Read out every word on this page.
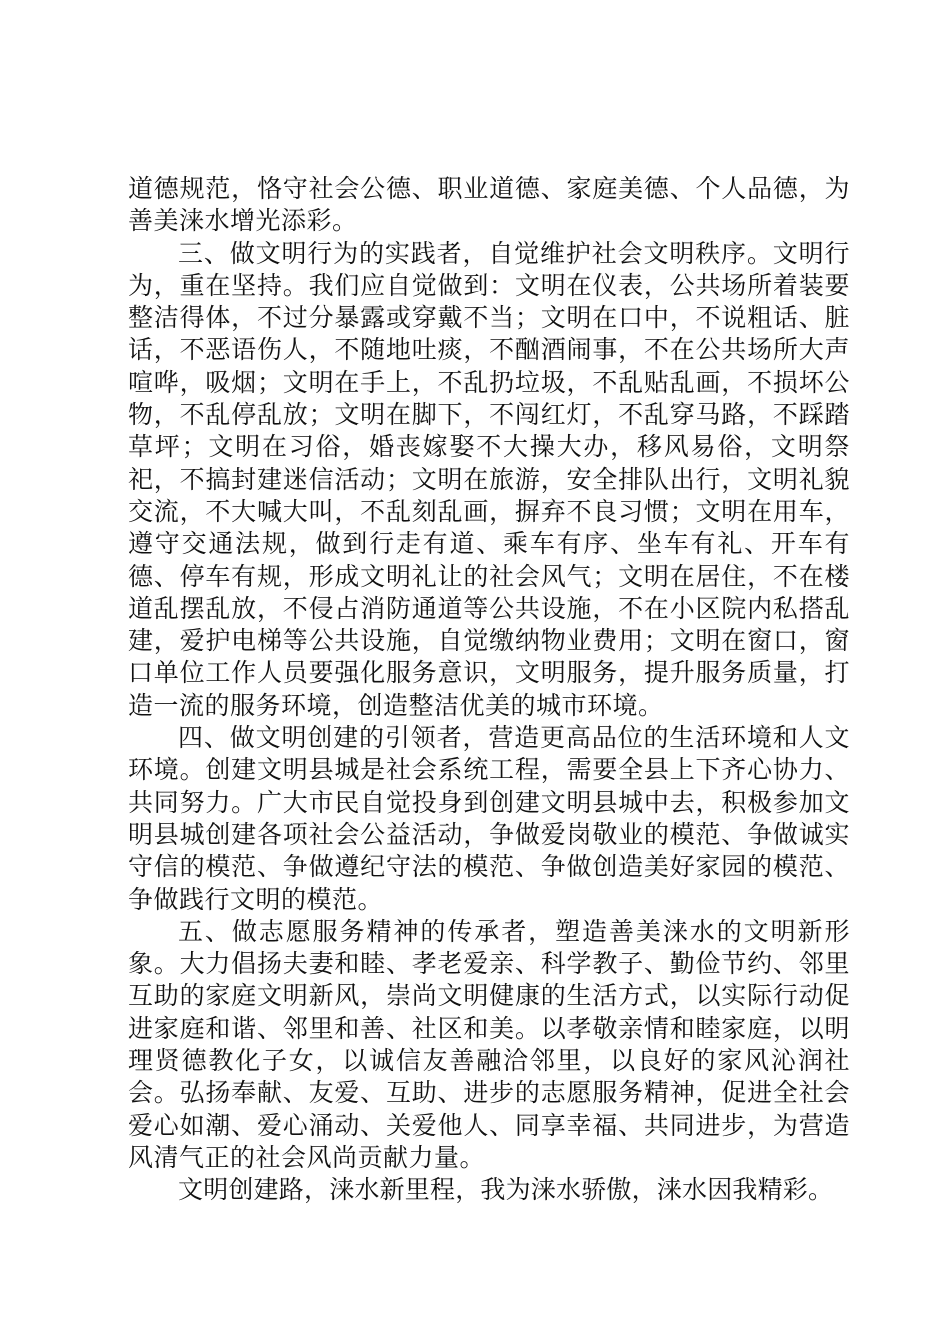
道德规范，恪守社会公德、职业道德、家庭美德、个人品德，为善美涞水增光添彩。

三、做文明行为的实践者，自觉维护社会文明秩序。文明行为，重在坚持。我们应自觉做到：文明在仪表，公共场所着装要整洁得体，不过分暴露或穿戴不当；文明在口中，不说粗话、脏话，不恶语伤人，不随地吐痰，不酗酒闹事，不在公共场所大声喧哗，吸烟；文明在手上，不乱扔垃圾，不乱贴乱画，不损坏公物，不乱停乱放；文明在脚下，不闯红灯，不乱穿马路，不踩踏草坪；文明在习俗，婚丧嫁娶不大操大办，移风易俗，文明祭祀，不搞封建迷信活动；文明在旅游，安全排队出行，文明礼貌交流，不大喊大叫，不乱刻乱画，摒弃不良习惯；文明在用车，遵守交通法规，做到行走有道、乘车有序、坐车有礼、开车有德、停车有规，形成文明礼让的社会风气；文明在居住，不在楼道乱摆乱放，不侵占消防通道等公共设施，不在小区院内私搭乱建，爱护电梯等公共设施，自觉缴纳物业费用；文明在窗口，窗口单位工作人员要强化服务意识，文明服务，提升服务质量，打造一流的服务环境，创造整洁优美的城市环境。

四、做文明创建的引领者，营造更高品位的生活环境和人文环境。创建文明县城是社会系统工程，需要全县上下齐心协力、共同努力。广大市民自觉投身到创建文明县城中去，积极参加文明县城创建各项社会公益活动，争做爱岗敬业的模范、争做诚实守信的模范、争做遵纪守法的模范、争做创造美好家园的模范、争做践行文明的模范。

五、做志愿服务精神的传承者，塑造善美涞水的文明新形象。大力倡扬夫妻和睦、孝老爱亲、科学教子、勤俭节约、邻里互助的家庭文明新风，崇尚文明健康的生活方式，以实际行动促进家庭和谐、邻里和善、社区和美。以孝敬亲情和睦家庭，以明理贤德教化子女，以诚信友善融洽邻里，以良好的家风沁润社会。弘扬奉献、友爱、互助、进步的志愿服务精神，促进全社会爱心如潮、爱心涌动、关爱他人、同享幸福、共同进步，为营造风清气正的社会风尚贡献力量。

文明创建路，涞水新里程，我为涞水骄傲，涞水因我精彩。
